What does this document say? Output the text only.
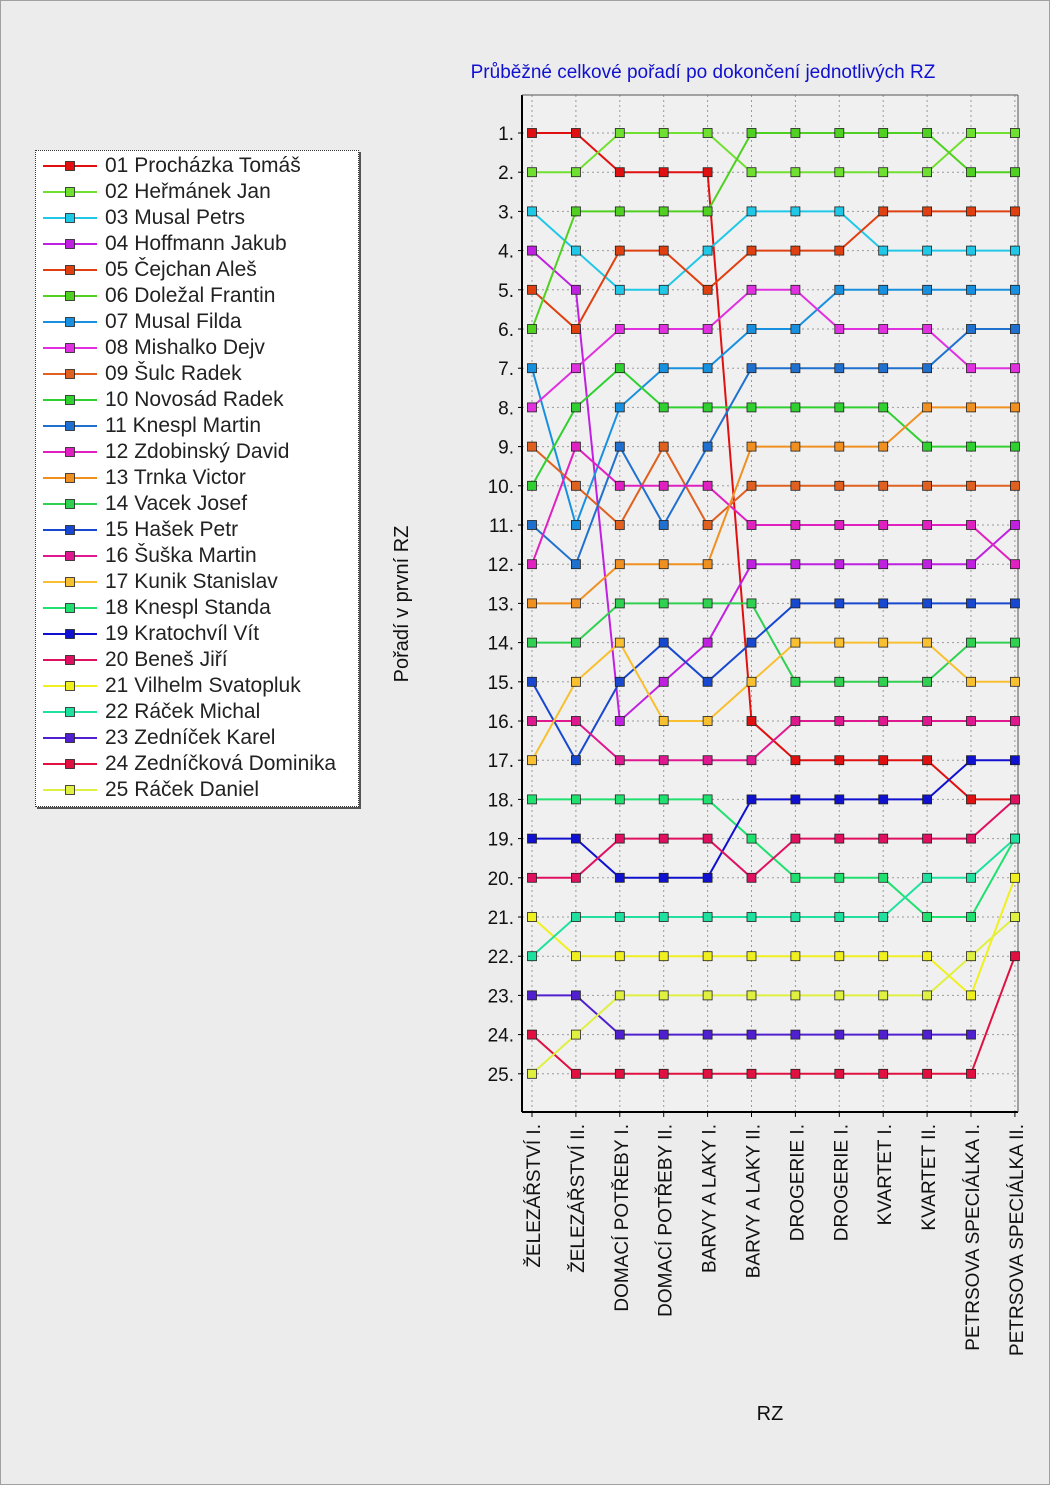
Průběžné celkové pořadí po dokončení jednotlivých RZ
1.
2.
3.
4.
5.
6.
7.
8.
9.
10.
11.
12.
13.
14.
15.
16.
17.
18.
19.
20.
21.
22.
23.
24.
25.
ŽELEZÁŘSTVÍ I. ŽELEZÁŘSTVÍ II. DOMACÍ POTŘEBY I. DOMACÍ POTŘEBY II. BARVY A LAKY I. BARVY A LAKY II. DROGERIE I. DROGERIE I. KVARTET I. KVARTET II. PETRSOVA SPECIÁLKA I. PETRSOVA SPECIÁLKA II.
RZ
Pořadí v první RZ
01 Procházka Tomáš
02 Heřmánek Jan
03 Musal Petrs
04 Hoffmann Jakub
05 Čejchan Aleš
06 Doležal Frantin
07 Musal Filda
08 Mishalko Dejv
09 Šulc Radek
10 Novosád Radek
11 Knespl Martin
12 Zdobinský David
13 Trnka Victor
14 Vacek Josef
15 Hašek Petr
16 Šuška Martin
17 Kunik Stanislav
18 Knespl Standa
19 Kratochvíl Vít
20 Beneš Jiří
21 Vilhelm Svatopluk
22 Ráček Michal
23 Zedníček Karel
24 Zedníčková Dominika
25 Ráček Daniel
